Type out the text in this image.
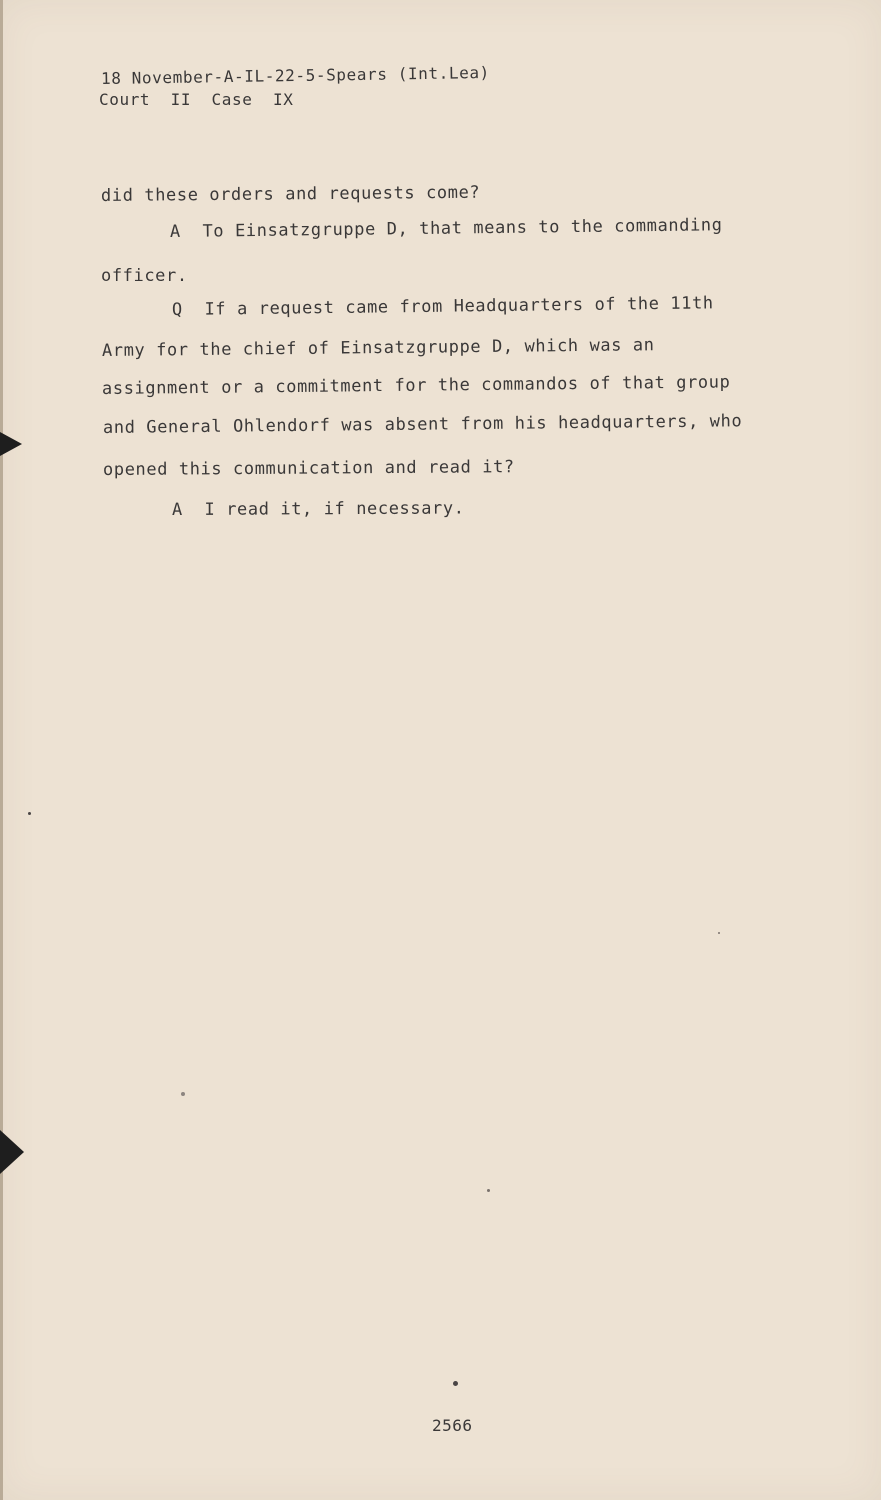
18 November-A-IL-22-5-Spears (Int.Lea)
Court  II  Case  IX
did these orders and requests come?
A  To Einsatzgruppe D, that means to the commanding
officer.
Q  If a request came from Headquarters of the 11th
Army for the chief of Einsatzgruppe D, which was an
assignment or a commitment for the commandos of that group
and General Ohlendorf was absent from his headquarters, who
opened this communication and read it?
A  I read it, if necessary.
2566
